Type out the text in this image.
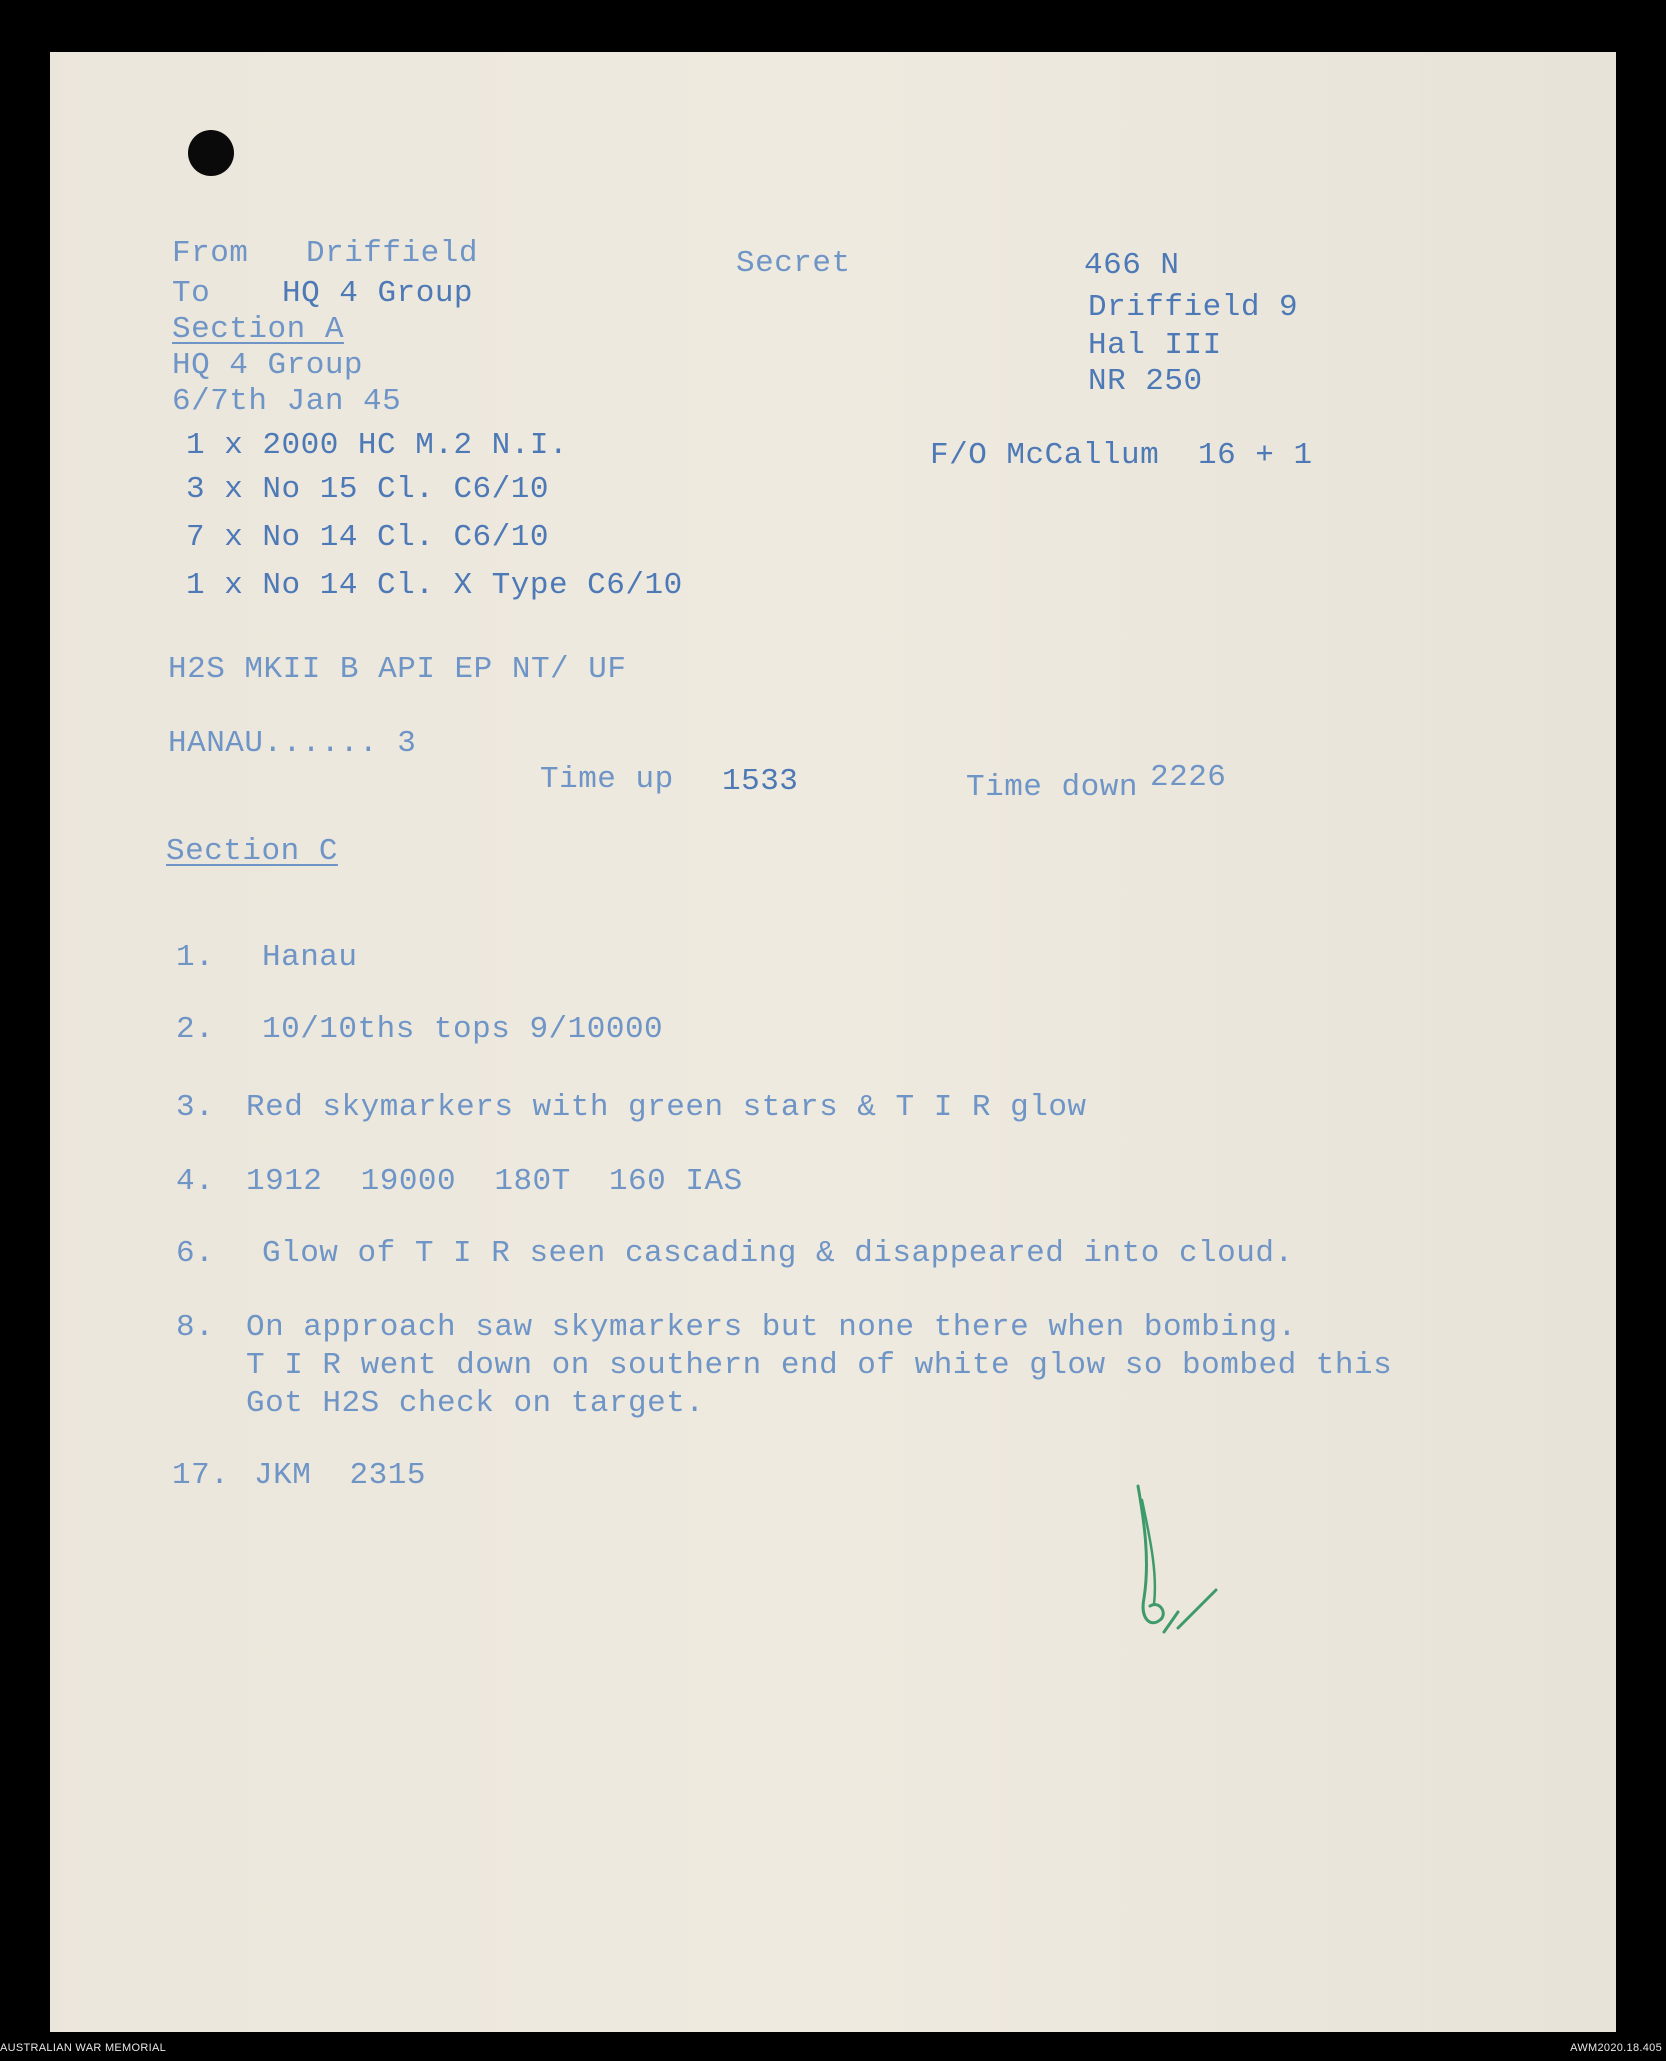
From Driffield
To HQ 4 Group
Section A
HQ 4 Group
6/7th Jan 45
Secret	466 N
Driffield 9
Hal III
NR 250
F/O McCallum 16 + 1
1 x 2000 HC M.2 N.I.
3 x No 15 Cl. C6/10
7 x No 14 Cl. C6/10
1 x No 14 Cl. X Type C6/10
H2S MKII B API EP NT/ UF
HANAU...... 3
Time up 1533	Time down 2226
Section C
1. Hanau
2. 10/10ths tops 9/10000
3. Red skymarkers with green stars & T I R glow
4. 1912  19000  180T  160 IAS
6. Glow of T I R seen cascading & disappeared into cloud.
8. On approach saw skymarkers but none there when bombing.
T I R went down on southern end of white glow so bombed this
Got H2S check on target.
17. JKM  2315
AUSTRALIAN WAR MEMORIAL	AWM2020.18.405
